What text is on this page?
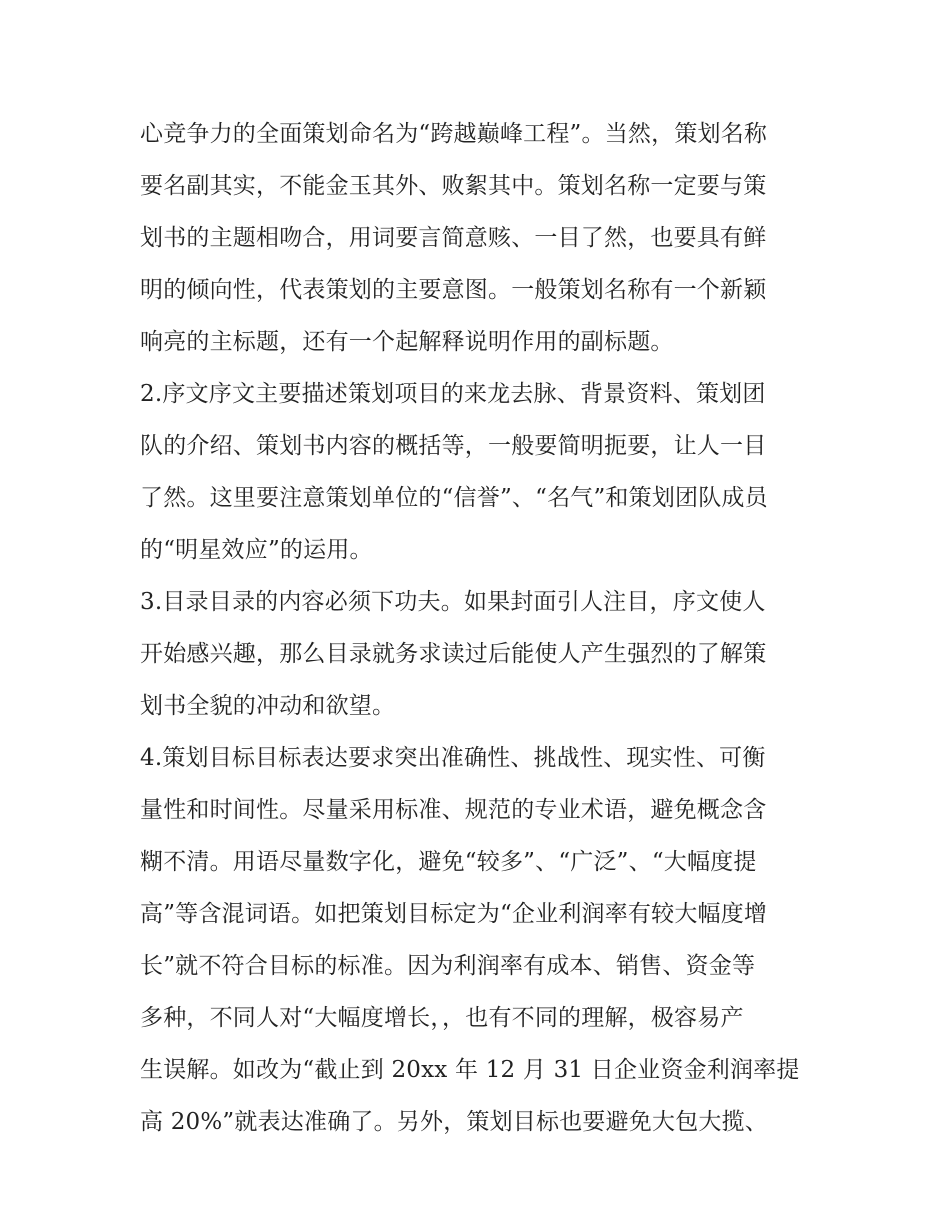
心竞争力的全面策划命名为“跨越巅峰工程”。当然，策划名称
要名副其实，不能金玉其外、败絮其中。策划名称一定要与策
划书的主题相吻合，用词要言简意赅、一目了然，也要具有鲜
明的倾向性，代表策划的主要意图。一般策划名称有一个新颖
响亮的主标题，还有一个起解释说明作用的副标题。
2.序文序文主要描述策划项目的来龙去脉、背景资料、策划团
队的介绍、策划书内容的概括等，一般要简明扼要，让人一目
了然。这里要注意策划单位的“信誉”、“名气”和策划团队成员
的“明星效应”的运用。
3.目录目录的内容必须下功夫。如果封面引人注目，序文使人
开始感兴趣，那么目录就务求读过后能使人产生强烈的了解策
划书全貌的冲动和欲望。
4.策划目标目标表达要求突出准确性、挑战性、现实性、可衡
量性和时间性。尽量采用标准、规范的专业术语，避免概念含
糊不清。用语尽量数字化，避免“较多”、“广泛”、“大幅度提
高”等含混词语。如把策划目标定为“企业利润率有较大幅度增
长”就不符合目标的标准。因为利润率有成本、销售、资金等
多种，不同人对“大幅度增长，，也有不同的理解，极容易产
生误解。如改为“截止到 20xx 年 12 月 31 日企业资金利润率提
高 20%”就表达准确了。另外，策划目标也要避免大包大揽、
